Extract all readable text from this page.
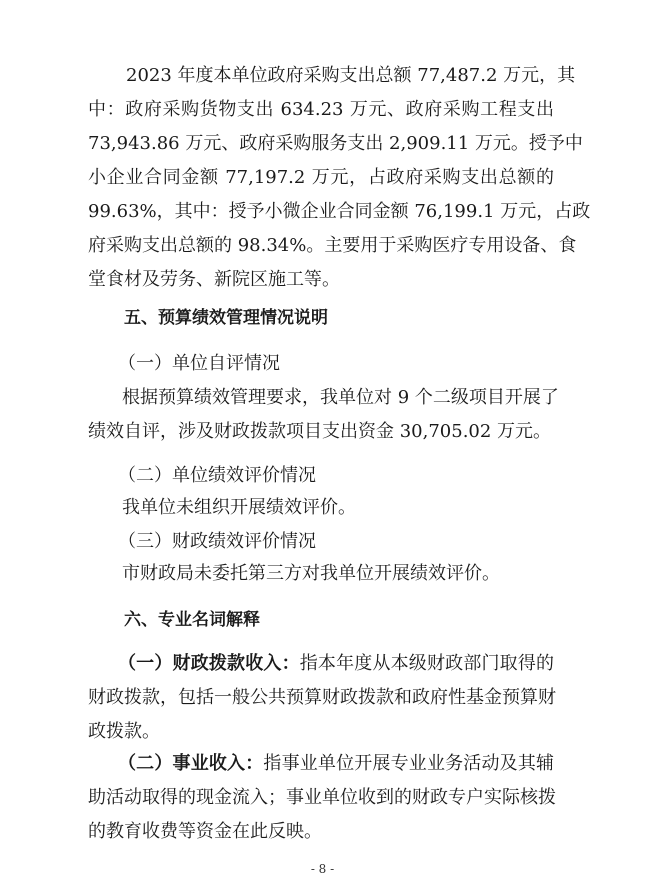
2023 年度本单位政府采购支出总额 77,487.2 万元，其
中：政府采购货物支出 634.23 万元、政府采购工程支出
73,943.86 万元、政府采购服务支出 2,909.11 万元。授予中
小企业合同金额 77,197.2 万元，占政府采购支出总额的
99.63%，其中：授予小微企业合同金额 76,199.1 万元，占政
府采购支出总额的 98.34%。主要用于采购医疗专用设备、食
堂食材及劳务、新院区施工等。
五、预算绩效管理情况说明
（一）单位自评情况
根据预算绩效管理要求，我单位对 9 个二级项目开展了
绩效自评，涉及财政拨款项目支出资金 30,705.02 万元。
（二）单位绩效评价情况
我单位未组织开展绩效评价。
（三）财政绩效评价情况
市财政局未委托第三方对我单位开展绩效评价。
六、专业名词解释
（一）财政拨款收入：指本年度从本级财政部门取得的
财政拨款，包括一般公共预算财政拨款和政府性基金预算财
政拨款。
（二）事业收入：指事业单位开展专业业务活动及其辅
助活动取得的现金流入；事业单位收到的财政专户实际核拨
的教育收费等资金在此反映。
- 8 -
